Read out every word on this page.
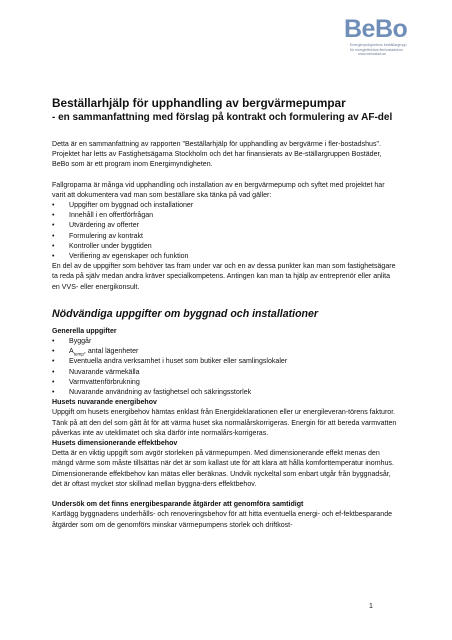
BeBo
Energimyndighetens beställargrupp
för energieffektiva flerbostadshus
www.bebostad.se
Beställarhjälp för upphandling av bergvärmepumpar
- en sammanfattning med förslag på kontrakt och formulering av AF-del

Detta är en sammanfattning av rapporten "Beställarhjälp för upphandling av bergvärme i fler-bostadshus". Projektet har letts av Fastighetsägarna Stockholm och det har finansierats av Be-ställargruppen Bostäder, BeBo som är ett program inom Energimyndigheten.

Fallgroparna är många vid upphandling och installation av en bergvärmepump och syftet med projektet har varit att dokumentera vad man som beställare ska tänka på vad gäller:

• Uppgifter om byggnad och installationer
• Innehåll i en offertförfrågan
• Utvärdering av offerter
• Formulering av kontrakt
• Kontroller under byggtiden
• Verifiering av egenskaper och funktion

En del av de uppgifter som behöver tas fram under var och en av dessa punkter kan man som fastighetsägare ta reda på själv medan andra kräver specialkompetens. Antingen kan man ta hjälp av entreprenör eller anlita en VVS- eller energikonsult.

Nödvändiga uppgifter om byggnad och installationer
Generella uppgifter
• Byggår
• $A_{temp}$, antal lägenheter
• Eventuella andra verksamhet i huset som butiker eller samlingslokaler
• Nuvarande värmekälla
• Varmvattenförbrukning
• Nuvarande användning av fastighetsel och säkringsstorlek
Husets nuvarande energibehov

Uppgift om husets energibehov hämtas enklast från Energideklarationen eller ur energileveran-törens fakturor. Tänk på att den del som gått åt för att värma huset ska normalårskorrigeras. Energin för att bereda varmvatten påverkas inte av uteklimatet och ska därför inte normalårs-korrigeras.

Husets dimensionerande effektbehov

Detta är en viktig uppgift som avgör storleken på värmepumpen. Med dimensionerande effekt menas den mängd värme som måste tillsättas när det är som kallast ute för att klara att hålla komforttemperatur inomhus. Dimensionerande effektbehov kan mätas eller beräknas. Undvik nyckeltal som enbart utgår från byggnadsår, det är oftast mycket stor skillnad mellan byggna-ders effektbehov.

Undersök om det finns energibesparande åtgärder att genomföra samtidigt

Kartlägg byggnadens underhålls- och renoveringsbehov för att hitta eventuella energi- och ef-fektbesparande åtgärder som om de genomförs minskar värmepumpens storlek och driftkost-

1
